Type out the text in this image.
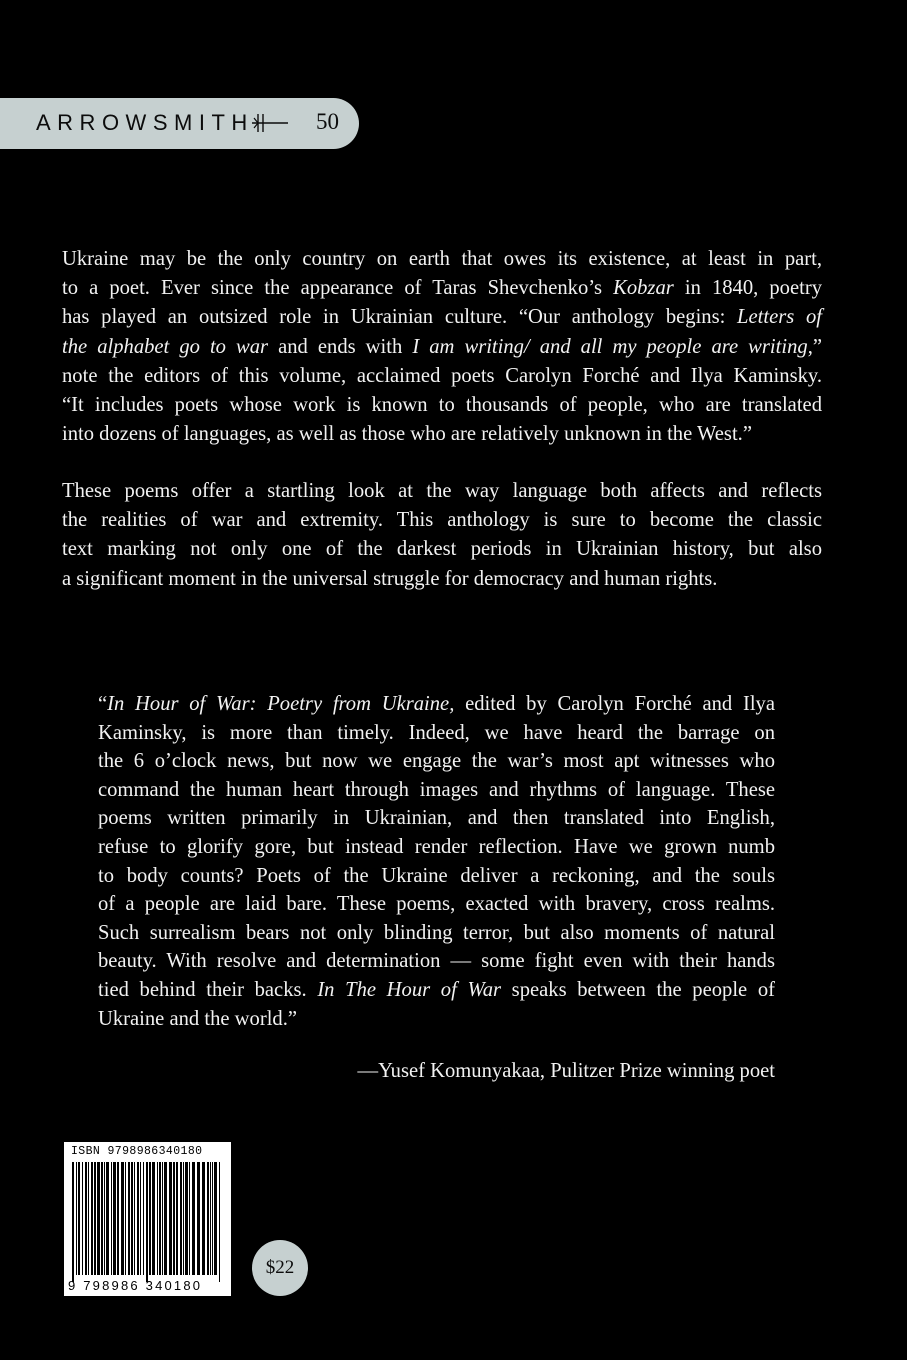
ARROWSMITH	50
Ukraine may be the only country on earth that owes its existence, at least in part,
to a poet. Ever since the appearance of Taras Shevchenko’s Kobzar in 1840, poetry
has played an outsized role in Ukrainian culture. “Our anthology begins: Letters of
the alphabet go to war and ends with I am writing/ and all my people are writing,”
note the editors of this volume, acclaimed poets Carolyn Forché and Ilya Kaminsky.
“It includes poets whose work is known to thousands of people, who are translated
into dozens of languages, as well as those who are relatively unknown in the West.”
These poems offer a startling look at the way language both affects and reflects
the realities of war and extremity. This anthology is sure to become the classic
text marking not only one of the darkest periods in Ukrainian history, but also
a significant moment in the universal struggle for democracy and human rights.
“In Hour of War: Poetry from Ukraine, edited by Carolyn Forché and Ilya
Kaminsky, is more than timely. Indeed, we have heard the barrage on
the 6 o’clock news, but now we engage the war’s most apt witnesses who
command the human heart through images and rhythms of language. These
poems written primarily in Ukrainian, and then translated into English,
refuse to glorify gore, but instead render reflection. Have we grown numb
to body counts? Poets of the Ukraine deliver a reckoning, and the souls
of a people are laid bare. These poems, exacted with bravery, cross realms.
Such surrealism bears not only blinding terror, but also moments of natural
beauty. With resolve and determination — some fight even with their hands
tied behind their backs. In The Hour of War speaks between the people of
Ukraine and the world.”
—Yusef Komunyakaa, Pulitzer Prize winning poet
ISBN 9798986340180
9 798986 340180
$22
